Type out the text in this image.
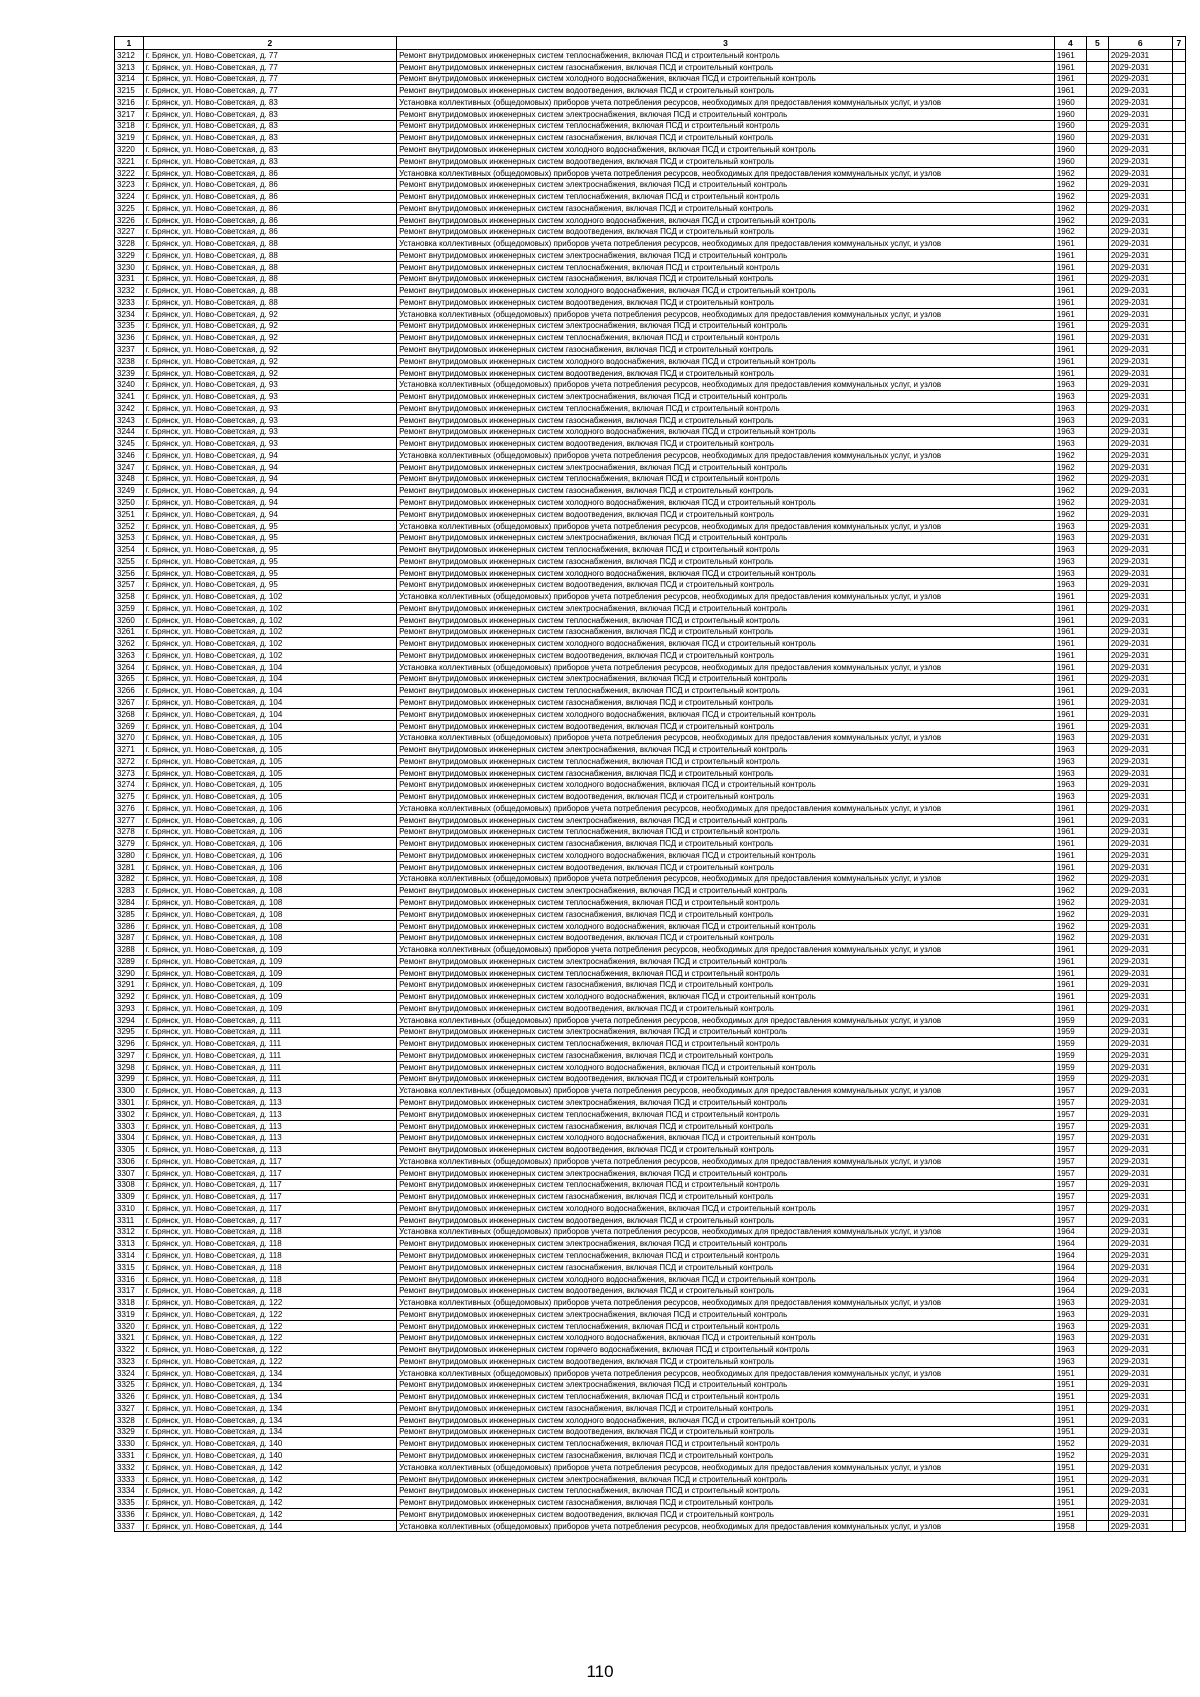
1	2	3	4	5	6	7
3212	г. Брянск, ул. Ново-Советская, д. 77	Ремонт внутридомовых инженерных систем теплоснабжения, включая ПСД и строительный контроль	1961		2029-2031	
3213	г. Брянск, ул. Ново-Советская, д. 77	Ремонт внутридомовых инженерных систем газоснабжения, включая ПСД и строительный контроль	1961		2029-2031	
3214	г. Брянск, ул. Ново-Советская, д. 77	Ремонт внутридомовых инженерных систем холодного водоснабжения, включая ПСД и строительный контроль	1961		2029-2031	
3215	г. Брянск, ул. Ново-Советская, д. 77	Ремонт внутридомовых инженерных систем водоотведения, включая ПСД и строительный контроль	1961		2029-2031	
3216	г. Брянск, ул. Ново-Советская, д. 83	Установка коллективных (общедомовых) приборов учета потребления ресурсов, необходимых для предоставления коммунальных услуг, и узлов	1960		2029-2031	
3217	г. Брянск, ул. Ново-Советская, д. 83	Ремонт внутридомовых инженерных систем электроснабжения, включая ПСД и строительный контроль	1960		2029-2031	
3218	г. Брянск, ул. Ново-Советская, д. 83	Ремонт внутридомовых инженерных систем теплоснабжения, включая ПСД и строительный контроль	1960		2029-2031	
3219	г. Брянск, ул. Ново-Советская, д. 83	Ремонт внутридомовых инженерных систем газоснабжения, включая ПСД и строительный контроль	1960		2029-2031	
3220	г. Брянск, ул. Ново-Советская, д. 83	Ремонт внутридомовых инженерных систем холодного водоснабжения, включая ПСД и строительный контроль	1960		2029-2031	
3221	г. Брянск, ул. Ново-Советская, д. 83	Ремонт внутридомовых инженерных систем водоотведения, включая ПСД и строительный контроль	1960		2029-2031	
3222	г. Брянск, ул. Ново-Советская, д. 86	Установка коллективных (общедомовых) приборов учета потребления ресурсов, необходимых для предоставления коммунальных услуг, и узлов	1962		2029-2031	
3223	г. Брянск, ул. Ново-Советская, д. 86	Ремонт внутридомовых инженерных систем электроснабжения, включая ПСД и строительный контроль	1962		2029-2031	
3224	г. Брянск, ул. Ново-Советская, д. 86	Ремонт внутридомовых инженерных систем теплоснабжения, включая ПСД и строительный контроль	1962		2029-2031	
3225	г. Брянск, ул. Ново-Советская, д. 86	Ремонт внутридомовых инженерных систем газоснабжения, включая ПСД и строительный контроль	1962		2029-2031	
3226	г. Брянск, ул. Ново-Советская, д. 86	Ремонт внутридомовых инженерных систем холодного водоснабжения, включая ПСД и строительный контроль	1962		2029-2031	
3227	г. Брянск, ул. Ново-Советская, д. 86	Ремонт внутридомовых инженерных систем водоотведения, включая ПСД и строительный контроль	1962		2029-2031	
3228	г. Брянск, ул. Ново-Советская, д. 88	Установка коллективных (общедомовых) приборов учета потребления ресурсов, необходимых для предоставления коммунальных услуг, и узлов	1961		2029-2031	
3229	г. Брянск, ул. Ново-Советская, д. 88	Ремонт внутридомовых инженерных систем электроснабжения, включая ПСД и строительный контроль	1961		2029-2031	
3230	г. Брянск, ул. Ново-Советская, д. 88	Ремонт внутридомовых инженерных систем теплоснабжения, включая ПСД и строительный контроль	1961		2029-2031	
3231	г. Брянск, ул. Ново-Советская, д. 88	Ремонт внутридомовых инженерных систем газоснабжения, включая ПСД и строительный контроль	1961		2029-2031	
3232	г. Брянск, ул. Ново-Советская, д. 88	Ремонт внутридомовых инженерных систем холодного водоснабжения, включая ПСД и строительный контроль	1961		2029-2031	
3233	г. Брянск, ул. Ново-Советская, д. 88	Ремонт внутридомовых инженерных систем водоотведения, включая ПСД и строительный контроль	1961		2029-2031	
3234	г. Брянск, ул. Ново-Советская, д. 92	Установка коллективных (общедомовых) приборов учета потребления ресурсов, необходимых для предоставления коммунальных услуг, и узлов	1961		2029-2031	
3235	г. Брянск, ул. Ново-Советская, д. 92	Ремонт внутридомовых инженерных систем электроснабжения, включая ПСД и строительный контроль	1961		2029-2031	
3236	г. Брянск, ул. Ново-Советская, д. 92	Ремонт внутридомовых инженерных систем теплоснабжения, включая ПСД и строительный контроль	1961		2029-2031	
3237	г. Брянск, ул. Ново-Советская, д. 92	Ремонт внутридомовых инженерных систем газоснабжения, включая ПСД и строительный контроль	1961		2029-2031	
3238	г. Брянск, ул. Ново-Советская, д. 92	Ремонт внутридомовых инженерных систем холодного водоснабжения, включая ПСД и строительный контроль	1961		2029-2031	
3239	г. Брянск, ул. Ново-Советская, д. 92	Ремонт внутридомовых инженерных систем водоотведения, включая ПСД и строительный контроль	1961		2029-2031	
3240	г. Брянск, ул. Ново-Советская, д. 93	Установка коллективных (общедомовых) приборов учета потребления ресурсов, необходимых для предоставления коммунальных услуг, и узлов	1963		2029-2031	
3241	г. Брянск, ул. Ново-Советская, д. 93	Ремонт внутридомовых инженерных систем электроснабжения, включая ПСД и строительный контроль	1963		2029-2031	
3242	г. Брянск, ул. Ново-Советская, д. 93	Ремонт внутридомовых инженерных систем теплоснабжения, включая ПСД и строительный контроль	1963		2029-2031	
3243	г. Брянск, ул. Ново-Советская, д. 93	Ремонт внутридомовых инженерных систем газоснабжения, включая ПСД и строительный контроль	1963		2029-2031	
3244	г. Брянск, ул. Ново-Советская, д. 93	Ремонт внутридомовых инженерных систем холодного водоснабжения, включая ПСД и строительный контроль	1963		2029-2031	
3245	г. Брянск, ул. Ново-Советская, д. 93	Ремонт внутридомовых инженерных систем водоотведения, включая ПСД и строительный контроль	1963		2029-2031	
3246	г. Брянск, ул. Ново-Советская, д. 94	Установка коллективных (общедомовых) приборов учета потребления ресурсов, необходимых для предоставления коммунальных услуг, и узлов	1962		2029-2031	
3247	г. Брянск, ул. Ново-Советская, д. 94	Ремонт внутридомовых инженерных систем электроснабжения, включая ПСД и строительный контроль	1962		2029-2031	
3248	г. Брянск, ул. Ново-Советская, д. 94	Ремонт внутридомовых инженерных систем теплоснабжения, включая ПСД и строительный контроль	1962		2029-2031	
3249	г. Брянск, ул. Ново-Советская, д. 94	Ремонт внутридомовых инженерных систем газоснабжения, включая ПСД и строительный контроль	1962		2029-2031	
3250	г. Брянск, ул. Ново-Советская, д. 94	Ремонт внутридомовых инженерных систем холодного водоснабжения, включая ПСД и строительный контроль	1962		2029-2031	
3251	г. Брянск, ул. Ново-Советская, д. 94	Ремонт внутридомовых инженерных систем водоотведения, включая ПСД и строительный контроль	1962		2029-2031	
3252	г. Брянск, ул. Ново-Советская, д. 95	Установка коллективных (общедомовых) приборов учета потребления ресурсов, необходимых для предоставления коммунальных услуг, и узлов	1963		2029-2031	
3253	г. Брянск, ул. Ново-Советская, д. 95	Ремонт внутридомовых инженерных систем электроснабжения, включая ПСД и строительный контроль	1963		2029-2031	
3254	г. Брянск, ул. Ново-Советская, д. 95	Ремонт внутридомовых инженерных систем теплоснабжения, включая ПСД и строительный контроль	1963		2029-2031	
3255	г. Брянск, ул. Ново-Советская, д. 95	Ремонт внутридомовых инженерных систем газоснабжения, включая ПСД и строительный контроль	1963		2029-2031	
3256	г. Брянск, ул. Ново-Советская, д. 95	Ремонт внутридомовых инженерных систем холодного водоснабжения, включая ПСД и строительный контроль	1963		2029-2031	
3257	г. Брянск, ул. Ново-Советская, д. 95	Ремонт внутридомовых инженерных систем водоотведения, включая ПСД и строительный контроль	1963		2029-2031	
3258	г. Брянск, ул. Ново-Советская, д. 102	Установка коллективных (общедомовых) приборов учета потребления ресурсов, необходимых для предоставления коммунальных услуг, и узлов	1961		2029-2031	
3259	г. Брянск, ул. Ново-Советская, д. 102	Ремонт внутридомовых инженерных систем электроснабжения, включая ПСД и строительный контроль	1961		2029-2031	
3260	г. Брянск, ул. Ново-Советская, д. 102	Ремонт внутридомовых инженерных систем теплоснабжения, включая ПСД и строительный контроль	1961		2029-2031	
3261	г. Брянск, ул. Ново-Советская, д. 102	Ремонт внутридомовых инженерных систем газоснабжения, включая ПСД и строительный контроль	1961		2029-2031	
3262	г. Брянск, ул. Ново-Советская, д. 102	Ремонт внутридомовых инженерных систем холодного водоснабжения, включая ПСД и строительный контроль	1961		2029-2031	
3263	г. Брянск, ул. Ново-Советская, д. 102	Ремонт внутридомовых инженерных систем водоотведения, включая ПСД и строительный контроль	1961		2029-2031	
3264	г. Брянск, ул. Ново-Советская, д. 104	Установка коллективных (общедомовых) приборов учета потребления ресурсов, необходимых для предоставления коммунальных услуг, и узлов	1961		2029-2031	
3265	г. Брянск, ул. Ново-Советская, д. 104	Ремонт внутридомовых инженерных систем электроснабжения, включая ПСД и строительный контроль	1961		2029-2031	
3266	г. Брянск, ул. Ново-Советская, д. 104	Ремонт внутридомовых инженерных систем теплоснабжения, включая ПСД и строительный контроль	1961		2029-2031	
3267	г. Брянск, ул. Ново-Советская, д. 104	Ремонт внутридомовых инженерных систем газоснабжения, включая ПСД и строительный контроль	1961		2029-2031	
3268	г. Брянск, ул. Ново-Советская, д. 104	Ремонт внутридомовых инженерных систем холодного водоснабжения, включая ПСД и строительный контроль	1961		2029-2031	
3269	г. Брянск, ул. Ново-Советская, д. 104	Ремонт внутридомовых инженерных систем водоотведения, включая ПСД и строительный контроль	1961		2029-2031	
3270	г. Брянск, ул. Ново-Советская, д. 105	Установка коллективных (общедомовых) приборов учета потребления ресурсов, необходимых для предоставления коммунальных услуг, и узлов	1963		2029-2031	
3271	г. Брянск, ул. Ново-Советская, д. 105	Ремонт внутридомовых инженерных систем электроснабжения, включая ПСД и строительный контроль	1963		2029-2031	
3272	г. Брянск, ул. Ново-Советская, д. 105	Ремонт внутридомовых инженерных систем теплоснабжения, включая ПСД и строительный контроль	1963		2029-2031	
3273	г. Брянск, ул. Ново-Советская, д. 105	Ремонт внутридомовых инженерных систем газоснабжения, включая ПСД и строительный контроль	1963		2029-2031	
3274	г. Брянск, ул. Ново-Советская, д. 105	Ремонт внутридомовых инженерных систем холодного водоснабжения, включая ПСД и строительный контроль	1963		2029-2031	
3275	г. Брянск, ул. Ново-Советская, д. 105	Ремонт внутридомовых инженерных систем водоотведения, включая ПСД и строительный контроль	1963		2029-2031	
3276	г. Брянск, ул. Ново-Советская, д. 106	Установка коллективных (общедомовых) приборов учета потребления ресурсов, необходимых для предоставления коммунальных услуг, и узлов	1961		2029-2031	
3277	г. Брянск, ул. Ново-Советская, д. 106	Ремонт внутридомовых инженерных систем электроснабжения, включая ПСД и строительный контроль	1961		2029-2031	
3278	г. Брянск, ул. Ново-Советская, д. 106	Ремонт внутридомовых инженерных систем теплоснабжения, включая ПСД и строительный контроль	1961		2029-2031	
3279	г. Брянск, ул. Ново-Советская, д. 106	Ремонт внутридомовых инженерных систем газоснабжения, включая ПСД и строительный контроль	1961		2029-2031	
3280	г. Брянск, ул. Ново-Советская, д. 106	Ремонт внутридомовых инженерных систем холодного водоснабжения, включая ПСД и строительный контроль	1961		2029-2031	
3281	г. Брянск, ул. Ново-Советская, д. 106	Ремонт внутридомовых инженерных систем водоотведения, включая ПСД и строительный контроль	1961		2029-2031	
3282	г. Брянск, ул. Ново-Советская, д. 108	Установка коллективных (общедомовых) приборов учета потребления ресурсов, необходимых для предоставления коммунальных услуг, и узлов	1962		2029-2031	
3283	г. Брянск, ул. Ново-Советская, д. 108	Ремонт внутридомовых инженерных систем электроснабжения, включая ПСД и строительный контроль	1962		2029-2031	
3284	г. Брянск, ул. Ново-Советская, д. 108	Ремонт внутридомовых инженерных систем теплоснабжения, включая ПСД и строительный контроль	1962		2029-2031	
3285	г. Брянск, ул. Ново-Советская, д. 108	Ремонт внутридомовых инженерных систем газоснабжения, включая ПСД и строительный контроль	1962		2029-2031	
3286	г. Брянск, ул. Ново-Советская, д. 108	Ремонт внутридомовых инженерных систем холодного водоснабжения, включая ПСД и строительный контроль	1962		2029-2031	
3287	г. Брянск, ул. Ново-Советская, д. 108	Ремонт внутридомовых инженерных систем водоотведения, включая ПСД и строительный контроль	1962		2029-2031	
3288	г. Брянск, ул. Ново-Советская, д. 109	Установка коллективных (общедомовых) приборов учета потребления ресурсов, необходимых для предоставления коммунальных услуг, и узлов	1961		2029-2031	
3289	г. Брянск, ул. Ново-Советская, д. 109	Ремонт внутридомовых инженерных систем электроснабжения, включая ПСД и строительный контроль	1961		2029-2031	
3290	г. Брянск, ул. Ново-Советская, д. 109	Ремонт внутридомовых инженерных систем теплоснабжения, включая ПСД и строительный контроль	1961		2029-2031	
3291	г. Брянск, ул. Ново-Советская, д. 109	Ремонт внутридомовых инженерных систем газоснабжения, включая ПСД и строительный контроль	1961		2029-2031	
3292	г. Брянск, ул. Ново-Советская, д. 109	Ремонт внутридомовых инженерных систем холодного водоснабжения, включая ПСД и строительный контроль	1961		2029-2031	
3293	г. Брянск, ул. Ново-Советская, д. 109	Ремонт внутридомовых инженерных систем водоотведения, включая ПСД и строительный контроль	1961		2029-2031	
3294	г. Брянск, ул. Ново-Советская, д. 111	Установка коллективных (общедомовых) приборов учета потребления ресурсов, необходимых для предоставления коммунальных услуг, и узлов	1959		2029-2031	
3295	г. Брянск, ул. Ново-Советская, д. 111	Ремонт внутридомовых инженерных систем электроснабжения, включая ПСД и строительный контроль	1959		2029-2031	
3296	г. Брянск, ул. Ново-Советская, д. 111	Ремонт внутридомовых инженерных систем теплоснабжения, включая ПСД и строительный контроль	1959		2029-2031	
3297	г. Брянск, ул. Ново-Советская, д. 111	Ремонт внутридомовых инженерных систем газоснабжения, включая ПСД и строительный контроль	1959		2029-2031	
3298	г. Брянск, ул. Ново-Советская, д. 111	Ремонт внутридомовых инженерных систем холодного водоснабжения, включая ПСД и строительный контроль	1959		2029-2031	
3299	г. Брянск, ул. Ново-Советская, д. 111	Ремонт внутридомовых инженерных систем водоотведения, включая ПСД и строительный контроль	1959		2029-2031	
3300	г. Брянск, ул. Ново-Советская, д. 113	Установка коллективных (общедомовых) приборов учета потребления ресурсов, необходимых для предоставления коммунальных услуг, и узлов	1957		2029-2031	
3301	г. Брянск, ул. Ново-Советская, д. 113	Ремонт внутридомовых инженерных систем электроснабжения, включая ПСД и строительный контроль	1957		2029-2031	
3302	г. Брянск, ул. Ново-Советская, д. 113	Ремонт внутридомовых инженерных систем теплоснабжения, включая ПСД и строительный контроль	1957		2029-2031	
3303	г. Брянск, ул. Ново-Советская, д. 113	Ремонт внутридомовых инженерных систем газоснабжения, включая ПСД и строительный контроль	1957		2029-2031	
3304	г. Брянск, ул. Ново-Советская, д. 113	Ремонт внутридомовых инженерных систем холодного водоснабжения, включая ПСД и строительный контроль	1957		2029-2031	
3305	г. Брянск, ул. Ново-Советская, д. 113	Ремонт внутридомовых инженерных систем водоотведения, включая ПСД и строительный контроль	1957		2029-2031	
3306	г. Брянск, ул. Ново-Советская, д. 117	Установка коллективных (общедомовых) приборов учета потребления ресурсов, необходимых для предоставления коммунальных услуг, и узлов	1957		2029-2031	
3307	г. Брянск, ул. Ново-Советская, д. 117	Ремонт внутридомовых инженерных систем электроснабжения, включая ПСД и строительный контроль	1957		2029-2031	
3308	г. Брянск, ул. Ново-Советская, д. 117	Ремонт внутридомовых инженерных систем теплоснабжения, включая ПСД и строительный контроль	1957		2029-2031	
3309	г. Брянск, ул. Ново-Советская, д. 117	Ремонт внутридомовых инженерных систем газоснабжения, включая ПСД и строительный контроль	1957		2029-2031	
3310	г. Брянск, ул. Ново-Советская, д. 117	Ремонт внутридомовых инженерных систем холодного водоснабжения, включая ПСД и строительный контроль	1957		2029-2031	
3311	г. Брянск, ул. Ново-Советская, д. 117	Ремонт внутридомовых инженерных систем водоотведения, включая ПСД и строительный контроль	1957		2029-2031	
3312	г. Брянск, ул. Ново-Советская, д. 118	Установка коллективных (общедомовых) приборов учета потребления ресурсов, необходимых для предоставления коммунальных услуг, и узлов	1964		2029-2031	
3313	г. Брянск, ул. Ново-Советская, д. 118	Ремонт внутридомовых инженерных систем электроснабжения, включая ПСД и строительный контроль	1964		2029-2031	
3314	г. Брянск, ул. Ново-Советская, д. 118	Ремонт внутридомовых инженерных систем теплоснабжения, включая ПСД и строительный контроль	1964		2029-2031	
3315	г. Брянск, ул. Ново-Советская, д. 118	Ремонт внутридомовых инженерных систем газоснабжения, включая ПСД и строительный контроль	1964		2029-2031	
3316	г. Брянск, ул. Ново-Советская, д. 118	Ремонт внутридомовых инженерных систем холодного водоснабжения, включая ПСД и строительный контроль	1964		2029-2031	
3317	г. Брянск, ул. Ново-Советская, д. 118	Ремонт внутридомовых инженерных систем водоотведения, включая ПСД и строительный контроль	1964		2029-2031	
3318	г. Брянск, ул. Ново-Советская, д. 122	Установка коллективных (общедомовых) приборов учета потребления ресурсов, необходимых для предоставления коммунальных услуг, и узлов	1963		2029-2031	
3319	г. Брянск, ул. Ново-Советская, д. 122	Ремонт внутридомовых инженерных систем электроснабжения, включая ПСД и строительный контроль	1963		2029-2031	
3320	г. Брянск, ул. Ново-Советская, д. 122	Ремонт внутридомовых инженерных систем теплоснабжения, включая ПСД и строительный контроль	1963		2029-2031	
3321	г. Брянск, ул. Ново-Советская, д. 122	Ремонт внутридомовых инженерных систем холодного водоснабжения, включая ПСД и строительный контроль	1963		2029-2031	
3322	г. Брянск, ул. Ново-Советская, д. 122	Ремонт внутридомовых инженерных систем горячего водоснабжения, включая ПСД и строительный контроль	1963		2029-2031	
3323	г. Брянск, ул. Ново-Советская, д. 122	Ремонт внутридомовых инженерных систем водоотведения, включая ПСД и строительный контроль	1963		2029-2031	
3324	г. Брянск, ул. Ново-Советская, д. 134	Установка коллективных (общедомовых) приборов учета потребления ресурсов, необходимых для предоставления коммунальных услуг, и узлов	1951		2029-2031	
3325	г. Брянск, ул. Ново-Советская, д. 134	Ремонт внутридомовых инженерных систем электроснабжения, включая ПСД и строительный контроль	1951		2029-2031	
3326	г. Брянск, ул. Ново-Советская, д. 134	Ремонт внутридомовых инженерных систем теплоснабжения, включая ПСД и строительный контроль	1951		2029-2031	
3327	г. Брянск, ул. Ново-Советская, д. 134	Ремонт внутридомовых инженерных систем газоснабжения, включая ПСД и строительный контроль	1951		2029-2031	
3328	г. Брянск, ул. Ново-Советская, д. 134	Ремонт внутридомовых инженерных систем холодного водоснабжения, включая ПСД и строительный контроль	1951		2029-2031	
3329	г. Брянск, ул. Ново-Советская, д. 134	Ремонт внутридомовых инженерных систем водоотведения, включая ПСД и строительный контроль	1951		2029-2031	
3330	г. Брянск, ул. Ново-Советская, д. 140	Ремонт внутридомовых инженерных систем теплоснабжения, включая ПСД и строительный контроль	1952		2029-2031	
3331	г. Брянск, ул. Ново-Советская, д. 140	Ремонт внутридомовых инженерных систем газоснабжения, включая ПСД и строительный контроль	1952		2029-2031	
3332	г. Брянск, ул. Ново-Советская, д. 142	Установка коллективных (общедомовых) приборов учета потребления ресурсов, необходимых для предоставления коммунальных услуг, и узлов	1951		2029-2031	
3333	г. Брянск, ул. Ново-Советская, д. 142	Ремонт внутридомовых инженерных систем электроснабжения, включая ПСД и строительный контроль	1951		2029-2031	
3334	г. Брянск, ул. Ново-Советская, д. 142	Ремонт внутридомовых инженерных систем теплоснабжения, включая ПСД и строительный контроль	1951		2029-2031	
3335	г. Брянск, ул. Ново-Советская, д. 142	Ремонт внутридомовых инженерных систем газоснабжения, включая ПСД и строительный контроль	1951		2029-2031	
3336	г. Брянск, ул. Ново-Советская, д. 142	Ремонт внутридомовых инженерных систем водоотведения, включая ПСД и строительный контроль	1951		2029-2031	
3337	г. Брянск, ул. Ново-Советская, д. 144	Установка коллективных (общедомовых) приборов учета потребления ресурсов, необходимых для предоставления коммунальных услуг, и узлов	1958		2029-2031	
110
